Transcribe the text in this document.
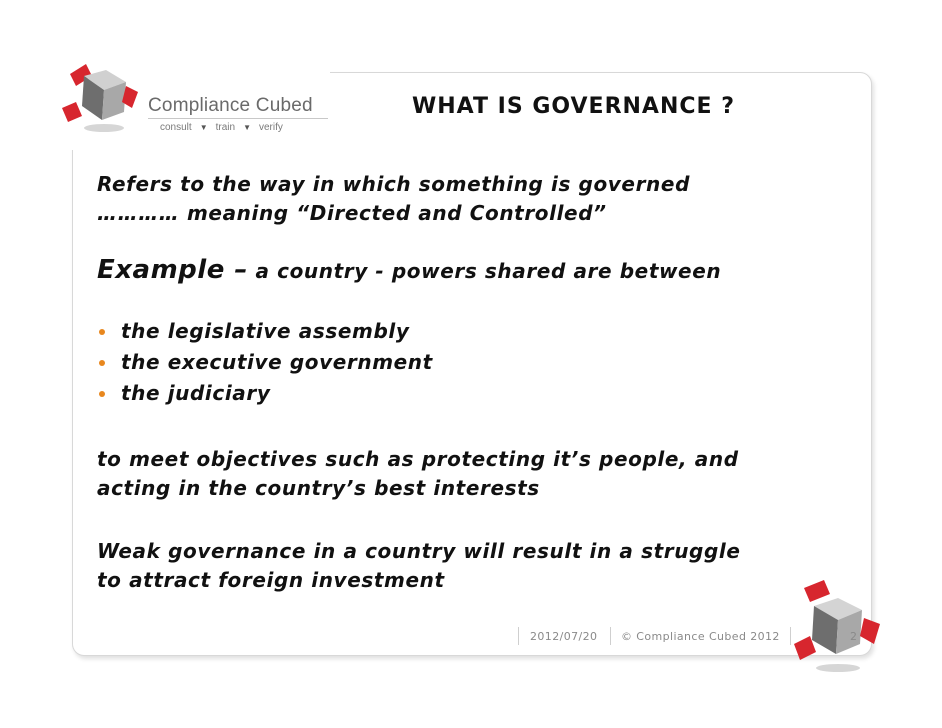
Compliance Cubed
consult ▼ train ▼ verify
WHAT IS GOVERNANCE ?

Refers to the way in which something is governed

………… meaning “Directed and Controlled”

Example – a country - powers shared are between
the legislative assembly
the executive government
the judiciary

to meet objectives such as protecting it’s people, and

acting in the country’s best interests

Weak governance in a country will result in a struggle

to attract foreign investment

2012/07/20 © Compliance Cubed 2012	2
